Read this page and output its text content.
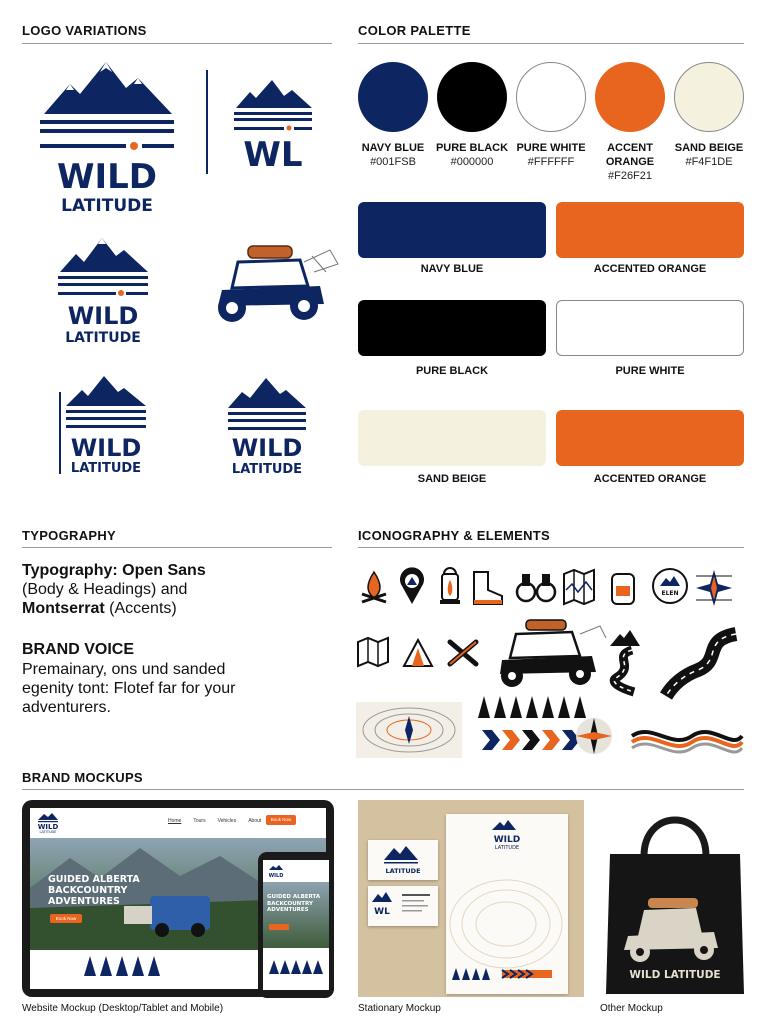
LOGO VARIATIONS	COLOR PALETTE
TYPOGRAPHY	ICONOGRAPHY & ELEMENTS
BRAND MOCKUPS
WILD
LATITUDE
WL
WILD
LATITUDE
WILD
LATITUDE
WILD
LATITUDE
NAVY BLUE
#001FSB
PURE BLACK
#000000
PURE WHITE
#FFFFFF
ACCENT
ORANGE
#F26F21
SAND BEIGE
#F4F1DE
NAVY BLUE	ACCENTED ORANGE
PURE BLACK	PURE WHITE
SAND BEIGE	ACCENTED ORANGE
Typography: Open Sans
(Body & Headings) and
Montserrat (Accents)
BRAND VOICE
Premainary, ons und sanded
egenity tont: Flotef far for your
adventurers.
ELEN
WILD
LATITUDE
Home Tours Vehicles About	Book Now
GUIDED ALBERTA
BACKCOUNTRY
ADVENTURES
Book Now
WILD
GUIDED ALBERTA BACKCOUNTRY ADVENTURES
Website Mockup (Desktop/Tablet and Mobile)
WILD
LATITUDE
LATITUDE
WL
Stationary Mockup
WILD LATITUDE
Other Mockup
